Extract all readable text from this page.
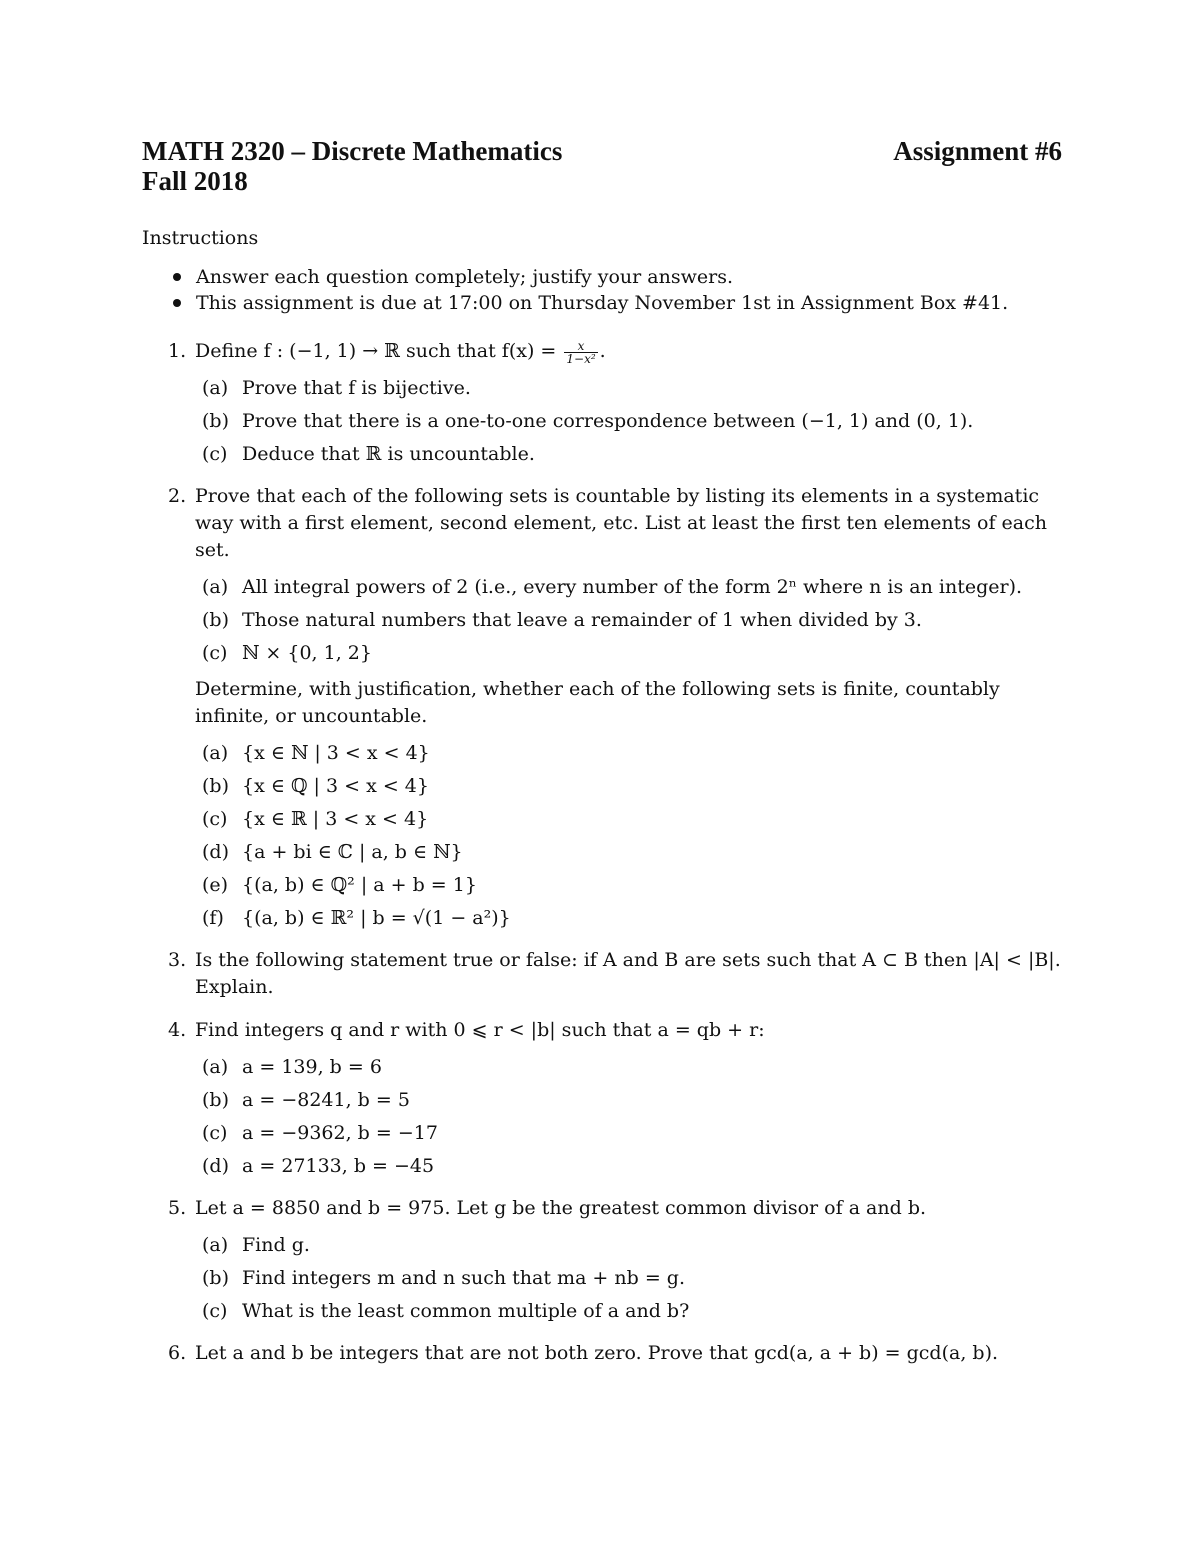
MATH 2320 – Discrete Mathematics	Assignment #6
Fall 2018
Instructions
Answer each question completely; justify your answers.
This assignment is due at 17:00 on Thursday November 1st in Assignment Box #41.
1. Define f : (−1, 1) → ℝ such that $f(x) = \frac{x}{\text{1−x²}}$ .
(a) Prove that f is bijective.
(b) Prove that there is a one-to-one correspondence between (−1, 1) and (0, 1).
(c) Deduce that ℝ is uncountable.
2. Prove that each of the following sets is countable by listing its elements in a systematic way with a first element, second element, etc. List at least the first ten elements of each set.
(a) All integral powers of 2 (i.e., every number of the form 2ⁿ where n is an integer).
(b) Those natural numbers that leave a remainder of 1 when divided by 3.
(c) ℕ × {0, 1, 2}
Determine, with justification, whether each of the following sets is finite, countably infinite, or uncountable.
(a) {x ∈ ℕ | 3 < x < 4}
(b) {x ∈ ℚ | 3 < x < 4}
(c) {x ∈ ℝ | 3 < x < 4}
(d) {a + bi ∈ ℂ | a, b ∈ ℕ}
(e) {(a, b) ∈ ℚ² | a + b = 1}
(f) {(a, b) ∈ ℝ² | b = √(1 − a²)}
3. Is the following statement true or false: if A and B are sets such that A ⊂ B then |A| < |B|. Explain.
4. Find integers q and r with 0 ⩽ r < |b| such that a = qb + r:
(a) a = 139, b = 6
(b) a = −8241, b = 5
(c) a = −9362, b = −17
(d) a = 27133, b = −45
5. Let a = 8850 and b = 975. Let g be the greatest common divisor of a and b.
(a) Find g.
(b) Find integers m and n such that ma + nb = g.
(c) What is the least common multiple of a and b?
6. Let a and b be integers that are not both zero. Prove that gcd(a, a + b) = gcd(a, b).
